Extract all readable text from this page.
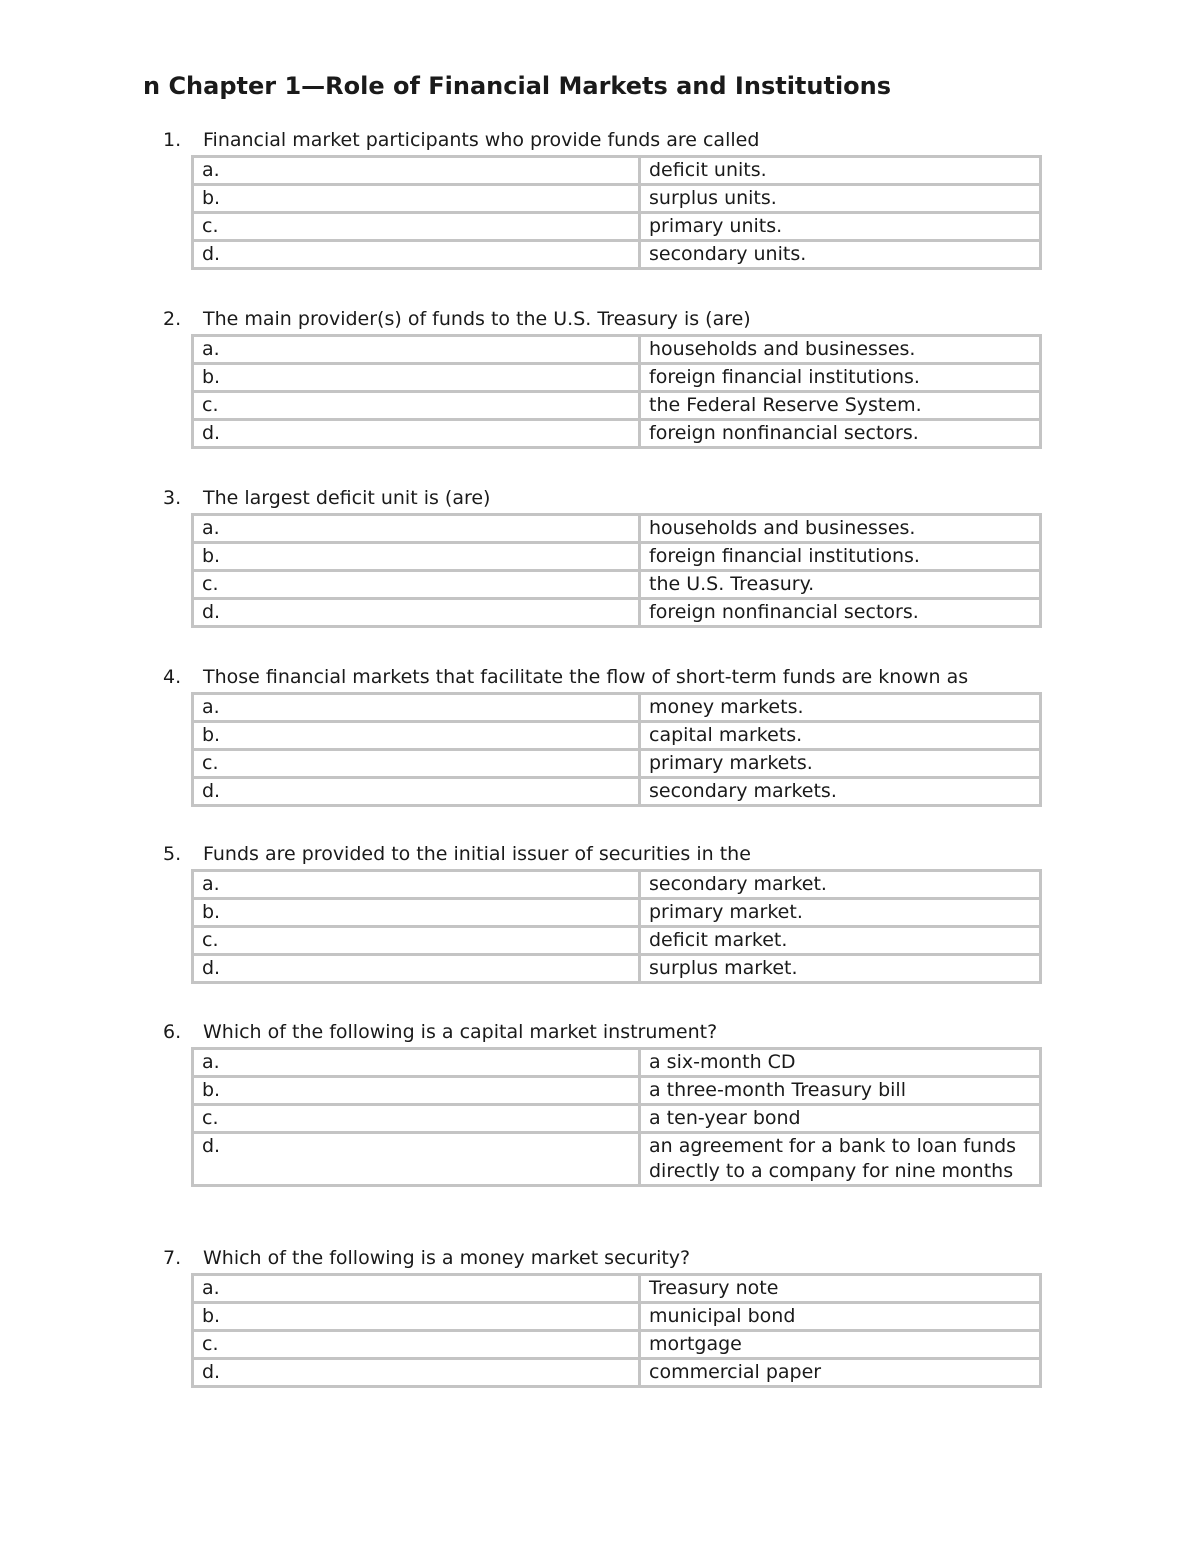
n Chapter 1—Role of Financial Markets and Institutions
1. Financial market participants who provide funds are called
a.	deficit units.
b.	surplus units.
c.	primary units.
d.	secondary units.
2. The main provider(s) of funds to the U.S. Treasury is (are)
a.	households and businesses.
b.	foreign financial institutions.
c.	the Federal Reserve System.
d.	foreign nonfinancial sectors.
3. The largest deficit unit is (are)
a.	households and businesses.
b.	foreign financial institutions.
c.	the U.S. Treasury.
d.	foreign nonfinancial sectors.
4. Those financial markets that facilitate the flow of short-term funds are known as
a.	money markets.
b.	capital markets.
c.	primary markets.
d.	secondary markets.
5. Funds are provided to the initial issuer of securities in the
a.	secondary market.
b.	primary market.
c.	deficit market.
d.	surplus market.
6. Which of the following is a capital market instrument?
a.	a six-month CD
b.	a three-month Treasury bill
c.	a ten-year bond
d.	an agreement for a bank to loan funds directly to a company for nine months
7. Which of the following is a money market security?
a.	Treasury note
b.	municipal bond
c.	mortgage
d.	commercial paper
